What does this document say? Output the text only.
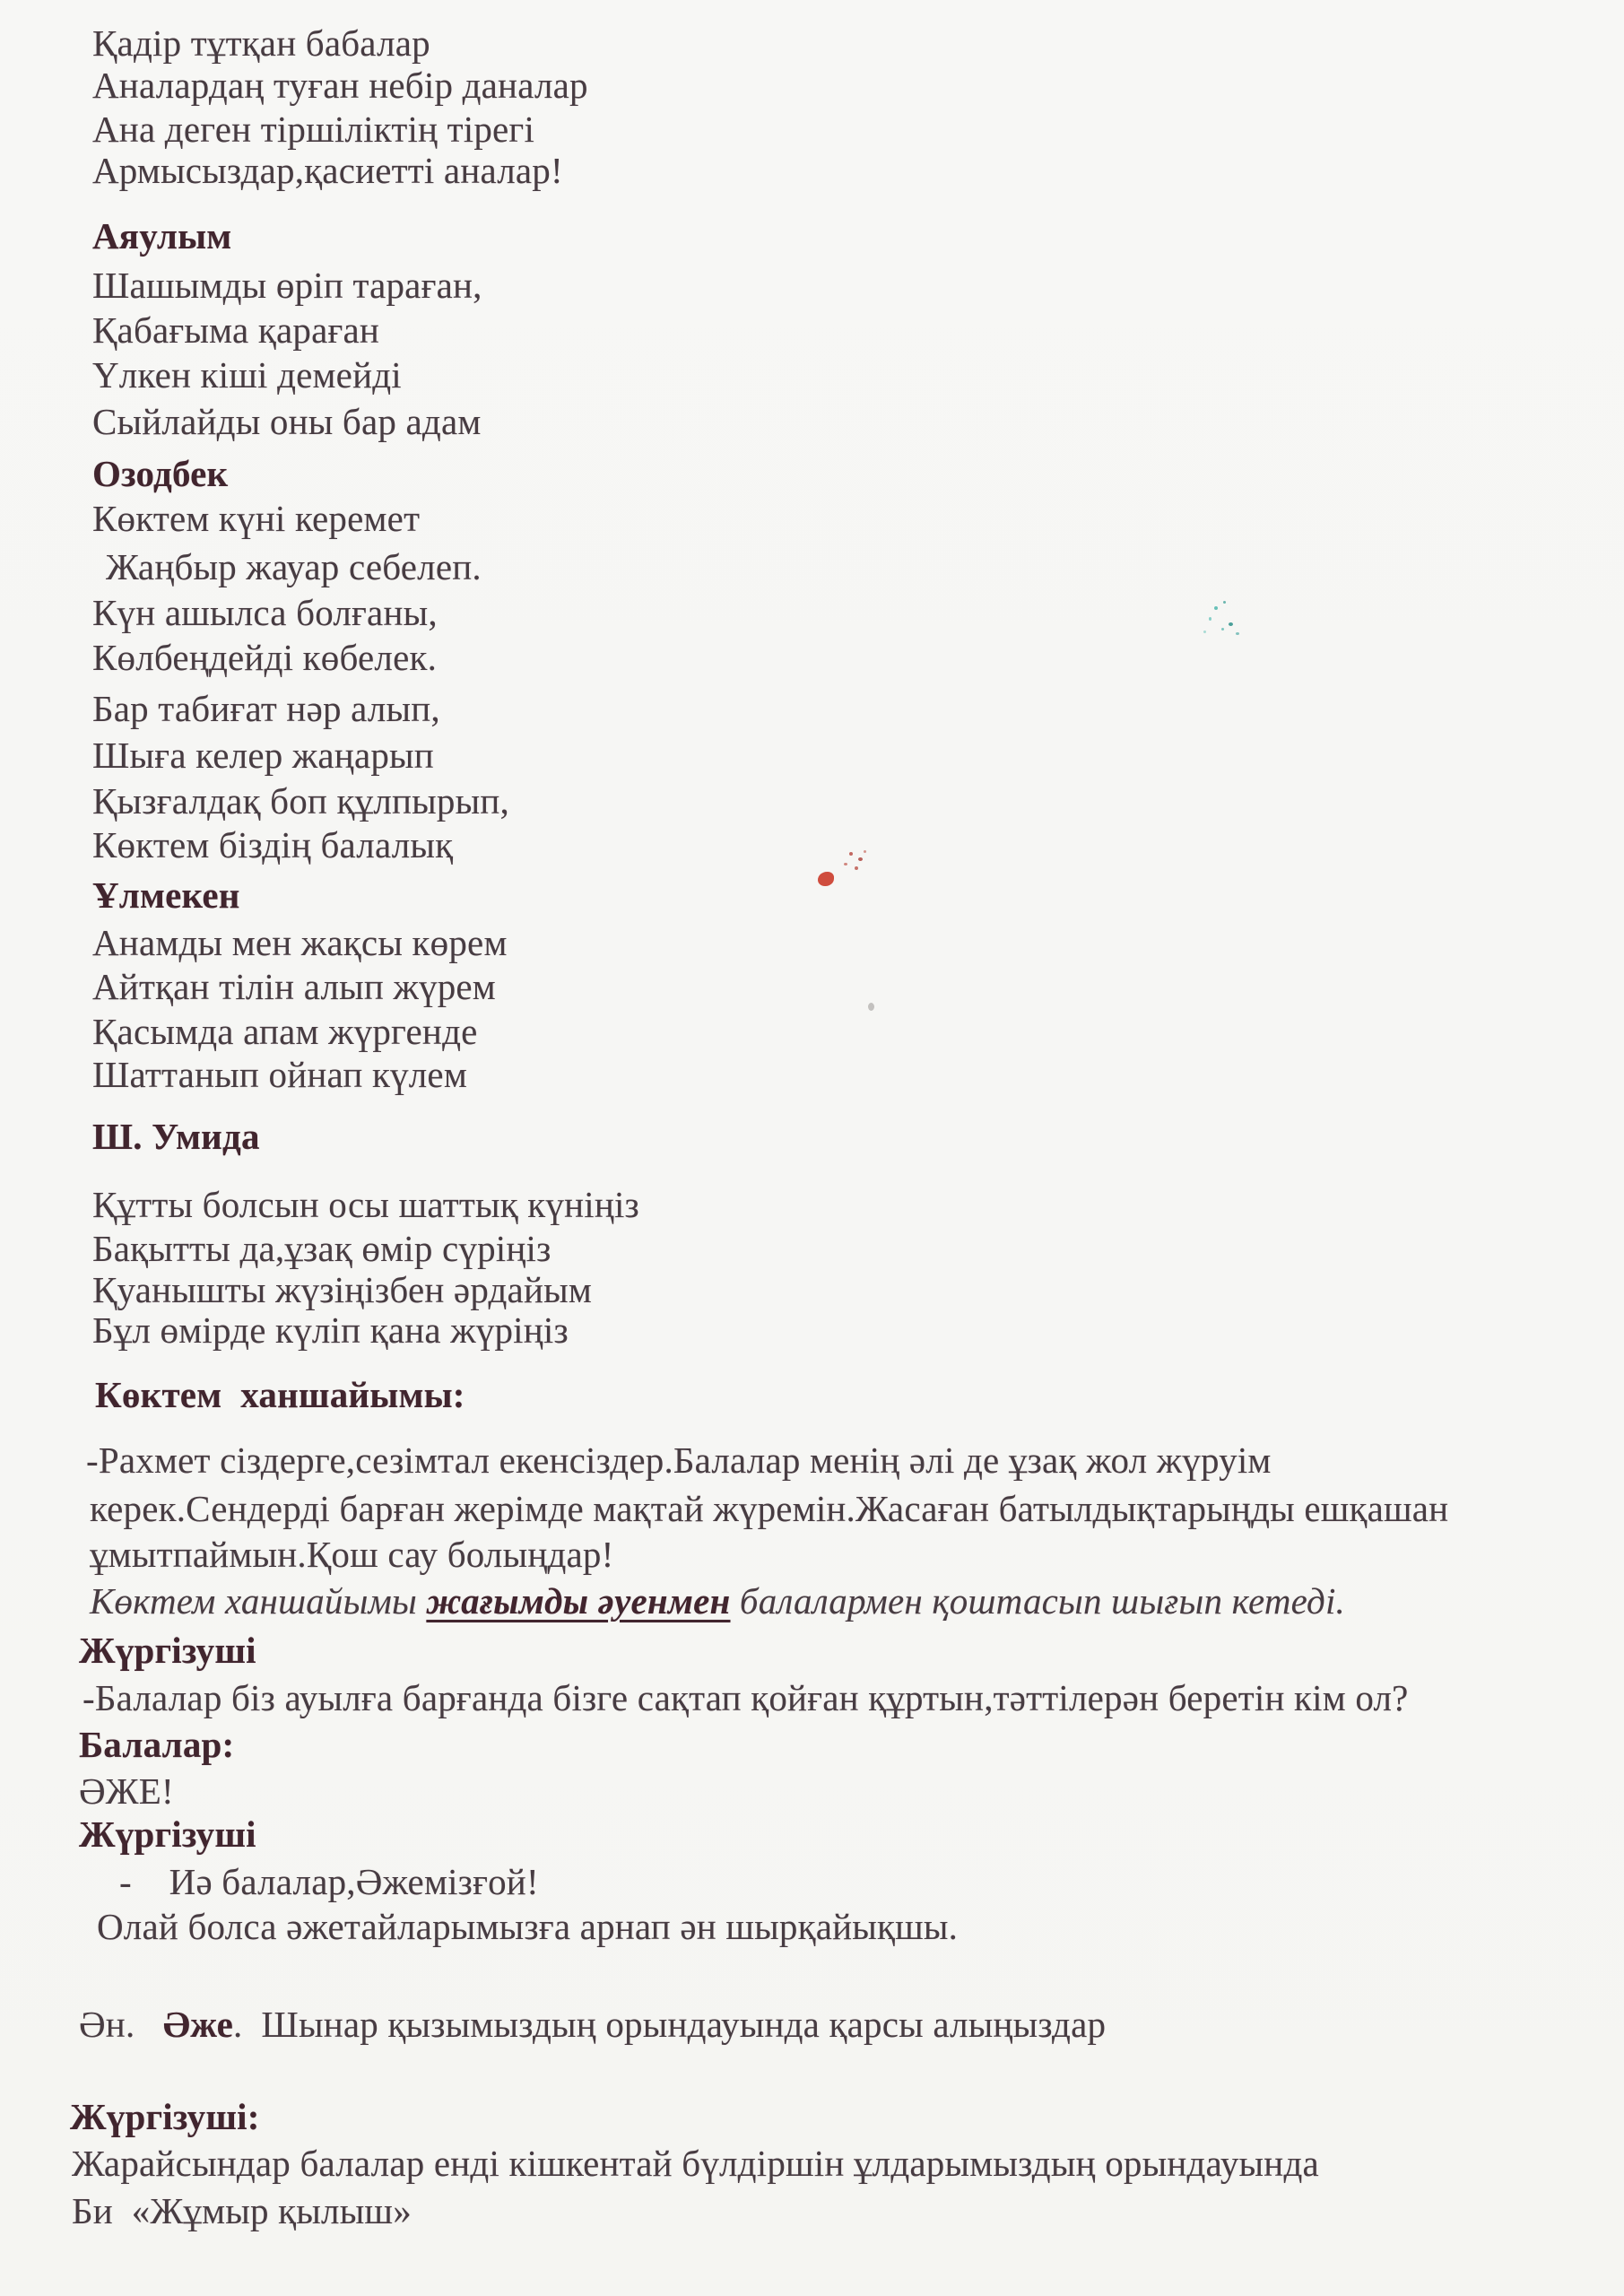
Қадір тұтқан бабалар
Аналардаң туған небір даналар
Ана деген тіршіліктің тірегі
Армысыздар,қасиетті аналар!
Аяулым
Шашымды өріп тараған,
Қабағыма қараған
Үлкен кіші демейді
Сыйлайды оны бар адам
Озодбек
Көктем күні керемет
Жаңбыр жауар себелеп.
Күн ашылса болғаны,
Көлбеңдейді көбелек.
Бар табиғат нәр алып,
Шыға келер жаңарып
Қызғалдақ боп құлпырып,
Көктем біздің балалық
Ұлмекен
Анамды мен жақсы көрем
Айтқан тілін алып жүрем
Қасымда апам жүргенде
Шаттанып ойнап күлем
Ш. Умида
Құтты болсын осы шаттық күніңіз
Бақытты да,ұзақ өмір сүріңіз
Қуанышты жүзіңізбен әрдайым
Бұл өмірде күліп қана жүріңіз
Көктем  ханшайымы:
-Рахмет сіздерге,сезімтал екенсіздер.Балалар менің әлі де ұзақ жол жүруім
керек.Сендерді барған жерімде мақтай жүремін.Жасаған батылдықтарыңды ешқашан
ұмытпаймын.Қош сау болыңдар!
Көктем ханшайымы жағымды әуенмен балалармен қоштасып шығып кетеді.
Жүргізуші
-Балалар біз ауылға барғанда бізге сақтап қойған құртын,тәттілерән беретін кім ол?
Балалар:
ӘЖЕ!
Жүргізуші
-    Иә балалар,Әжемізғой!
Олай болса әжетайларымызға арнап ән шырқайықшы.
Ән.   Әже.  Шынар қызымыздың орындауында қарсы алыңыздар
Жүргізуші:
Жарайсындар балалар енді кішкентай бүлдіршін ұлдарымыздың орындауында
Би  «Жұмыр қылыш»
